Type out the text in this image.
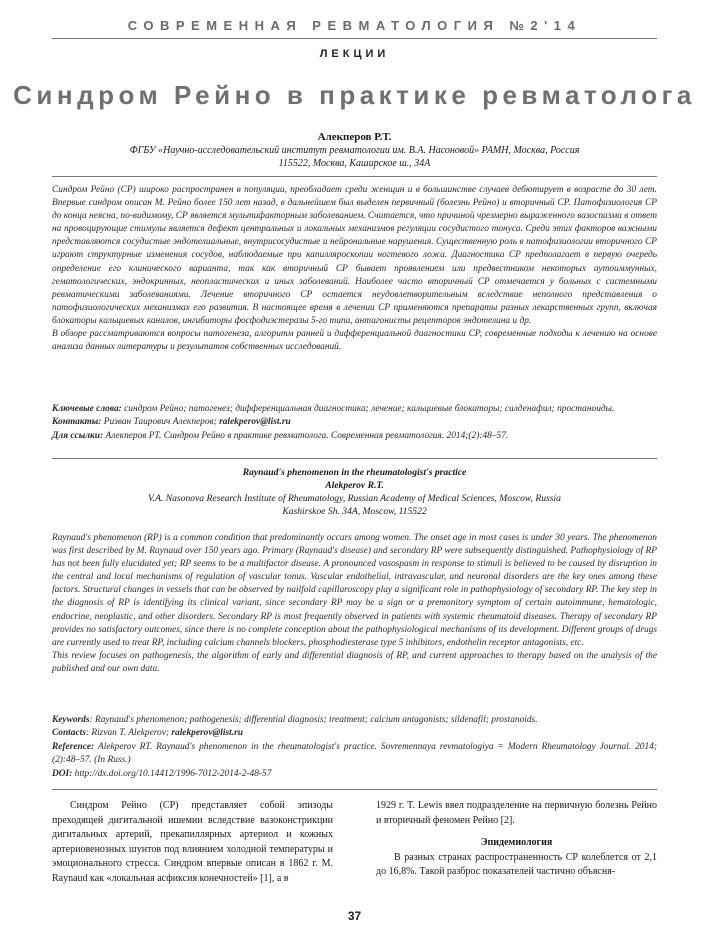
СОВРЕМЕННАЯ РЕВМАТОЛОГИЯ №2'14
ЛЕКЦИИ
Синдром Рейно в практике ревматолога
Алекперов Р.Т.
ФГБУ «Научно-исследовательский институт ревматологии им. В.А. Насоновой» РАМН, Москва, Россия
115522, Москва, Каширское ш., 34А

Синдром Рейно (СР) широко распространен в популяции, преобладает среди женщин и в большинстве случаев дебютирует в возрасте до 30 лет. Впервые синдром описан М. Рейно более 150 лет назад, в дальнейшем был выделен первичный (болезнь Рейно) и вторичный СР. Патофизиология СР до конца неясна, по-видимому, СР является мультифакторным заболеванием. Считается, что причиной чрезмерно выраженного вазоспазма в ответ на провоцирующие стимулы является дефект центральных и локальных механизмов регуляции сосудистого тонуса. Среди этих факторов важными представляются сосудистые эндотелиальные, внутрисосудистые и нейрональные нарушения. Существенную роль в патофизиологии вторичного СР играют структурные изменения сосудов, наблюдаемые при капилляроскопии ногтевого ложа. Диагностика СР предполагает в первую очередь определение его клинического варианта, так как вторичный СР бывает проявлением или предвестником некоторых аутоиммунных, гематологических, эндокринных, неопластических и иных заболеваний. Наиболее часто вторичный СР отмечается у больных с системными ревматическими заболеваниями. Лечение вторичного СР остается неудовлетворительным вследствие неполного представления о патофизиологических механизмах его развития. В настоящее время в лечении СР применяются препараты разных лекарственных групп, включая блокаторы кальциевых каналов, ингибиторы фосфодиэстеразы 5-го типа, антагонисты рецепторов эндотелина и др.

В обзоре рассматриваются вопросы патогенеза, алгоритм ранней и дифференциальной диагностики СР, современные подходы к лечению на основе анализа данных литературы и результатов собственных исследований.

Ключевые слова: синдром Рейно; патогенез; дифференциальная диагностика; лечение; кальциевые блокаторы; силденафил; простаноиды.

Контакты: Ризван Таирович Алекперов; ralekperov@list.ru

Для ссылки: Алекперов РТ. Синдром Рейно в практике ревматолога. Современная ревматология. 2014;(2):48–57.

Raynaud's phenomenon in the rheumatologist's practice
Alekperov R.T.
V.A. Nasonova Research Institute of Rheumatology, Russian Academy of Medical Sciences, Moscow, Russia
Kashirskoe Sh. 34A, Moscow, 115522

Raynaud's phenomenon (RP) is a common condition that predominantly occurs among women. The onset age in most cases is under 30 years. The phenomenon was first described by M. Raynaud over 150 years ago. Primary (Raynaud's disease) and secondary RP were subsequently distinguished. Pathophysiology of RP has not been fully elucidated yet; RP seems to be a multifactor disease. A pronounced vasospasm in response to stimuli is believed to be caused by disruption in the central and local mechanisms of regulation of vascular tonus. Vascular endothelial, intravascular, and neuronal disorders are the key ones among these factors. Structural changes in vessels that can be observed by nailfold capillaroscopy play a significant role in pathophysiology of secondary RP. The key step in the diagnosis of RP is identifying its clinical variant, since secondary RP may be a sign or a premonitory symptom of certain autoimmune, hematologic, endocrine, neoplastic, and other disorders. Secondary RP is most frequently observed in patients with systemic rheumatoid diseases. Therapy of secondary RP provides no satisfactory outcomes, since there is no complete conception about the pathophysiological mechanisms of its development. Different groups of drugs are currently used to treat RP, including calcium channels blockers, phosphodiesterase type 5 inhibitors, endothelin receptor antagonists, etc.

This review focuses on pathogenesis, the algorithm of early and differential diagnosis of RP, and current approaches to therapy based on the analysis of the published and our own data.

Keywords: Raynaud's phenomenon; pathogenesis; differential diagnosis; treatment; calcium antagonists; sildenafil; prostanoids.

Contacts: Rizvan T. Alekperov; ralekperov@list.ru

Reference: Alekperov RT. Raynaud's phenomenon in the rheumatologist's practice. Sovremennaya revmatologiya = Modern Rheumatology Journal. 2014;(2):48–57. (In Russ.)

DOI: http://dx.doi.org/10.14412/1996-7012-2014-2-48-57

Синдром Рейно (СР) представляет собой эпизоды преходящей дигитальной ишемии вследствие вазоконстрикции дигитальных артерий, прекапиллярных артериол и кожных артериовенозных шунтов под влиянием холодной температуры и эмоционального стресса. Синдром впервые описан в 1862 г. M. Raynaud как «локальная асфиксия конечностей» [1], а в

1929 г. T. Lewis ввел подразделение на первичную болезнь Рейно и вторичный феномен Рейно [2].

Эпидемиология

В разных странах распространенность СР колеблется от 2,1 до 16,8%. Такой разброс показателей частично объясня-

37
